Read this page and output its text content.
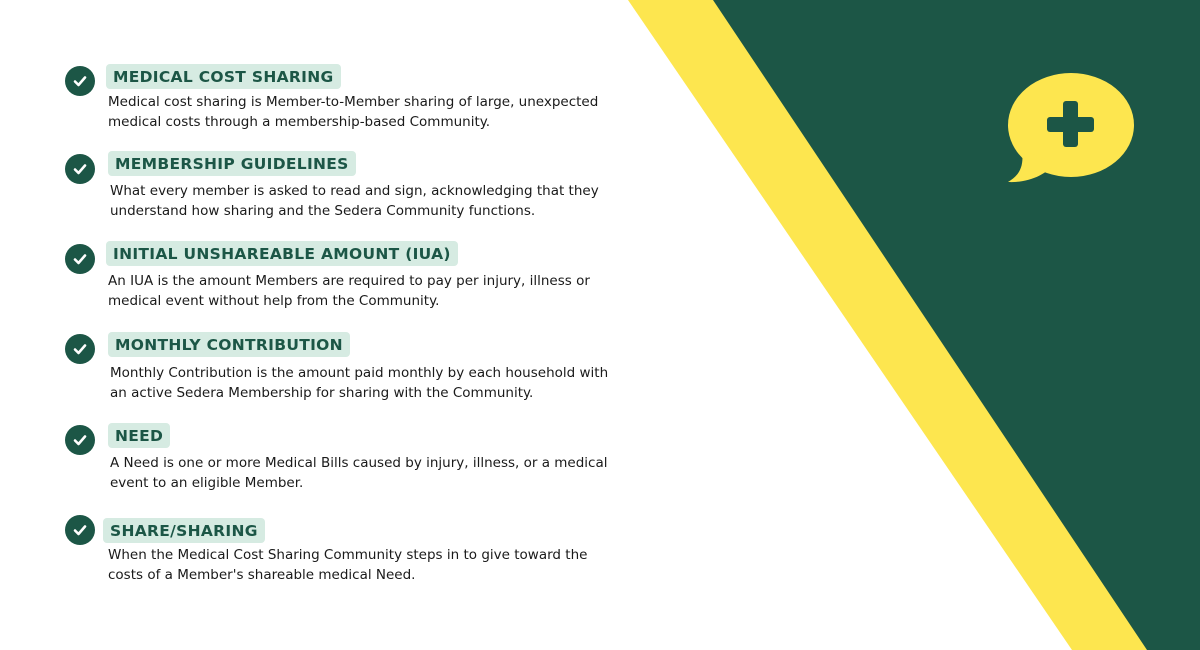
MEDICAL COST SHARING

Medical cost sharing is Member-to-Member sharing of large, unexpected medical costs through a membership-based Community.

MEMBERSHIP GUIDELINES

What every member is asked to read and sign, acknowledging that they understand how sharing and the Sedera Community functions.

INITIAL UNSHAREABLE AMOUNT (IUA)

An IUA is the amount Members are required to pay per injury, illness or medical event without help from the Community.

MONTHLY CONTRIBUTION

Monthly Contribution is the amount paid monthly by each household with an active Sedera Membership for sharing with the Community.

NEED

A Need is one or more Medical Bills caused by injury, illness, or a medical event to an eligible Member.

SHARE/SHARING

When the Medical Cost Sharing Community steps in to give toward the costs of a Member's shareable medical Need.
